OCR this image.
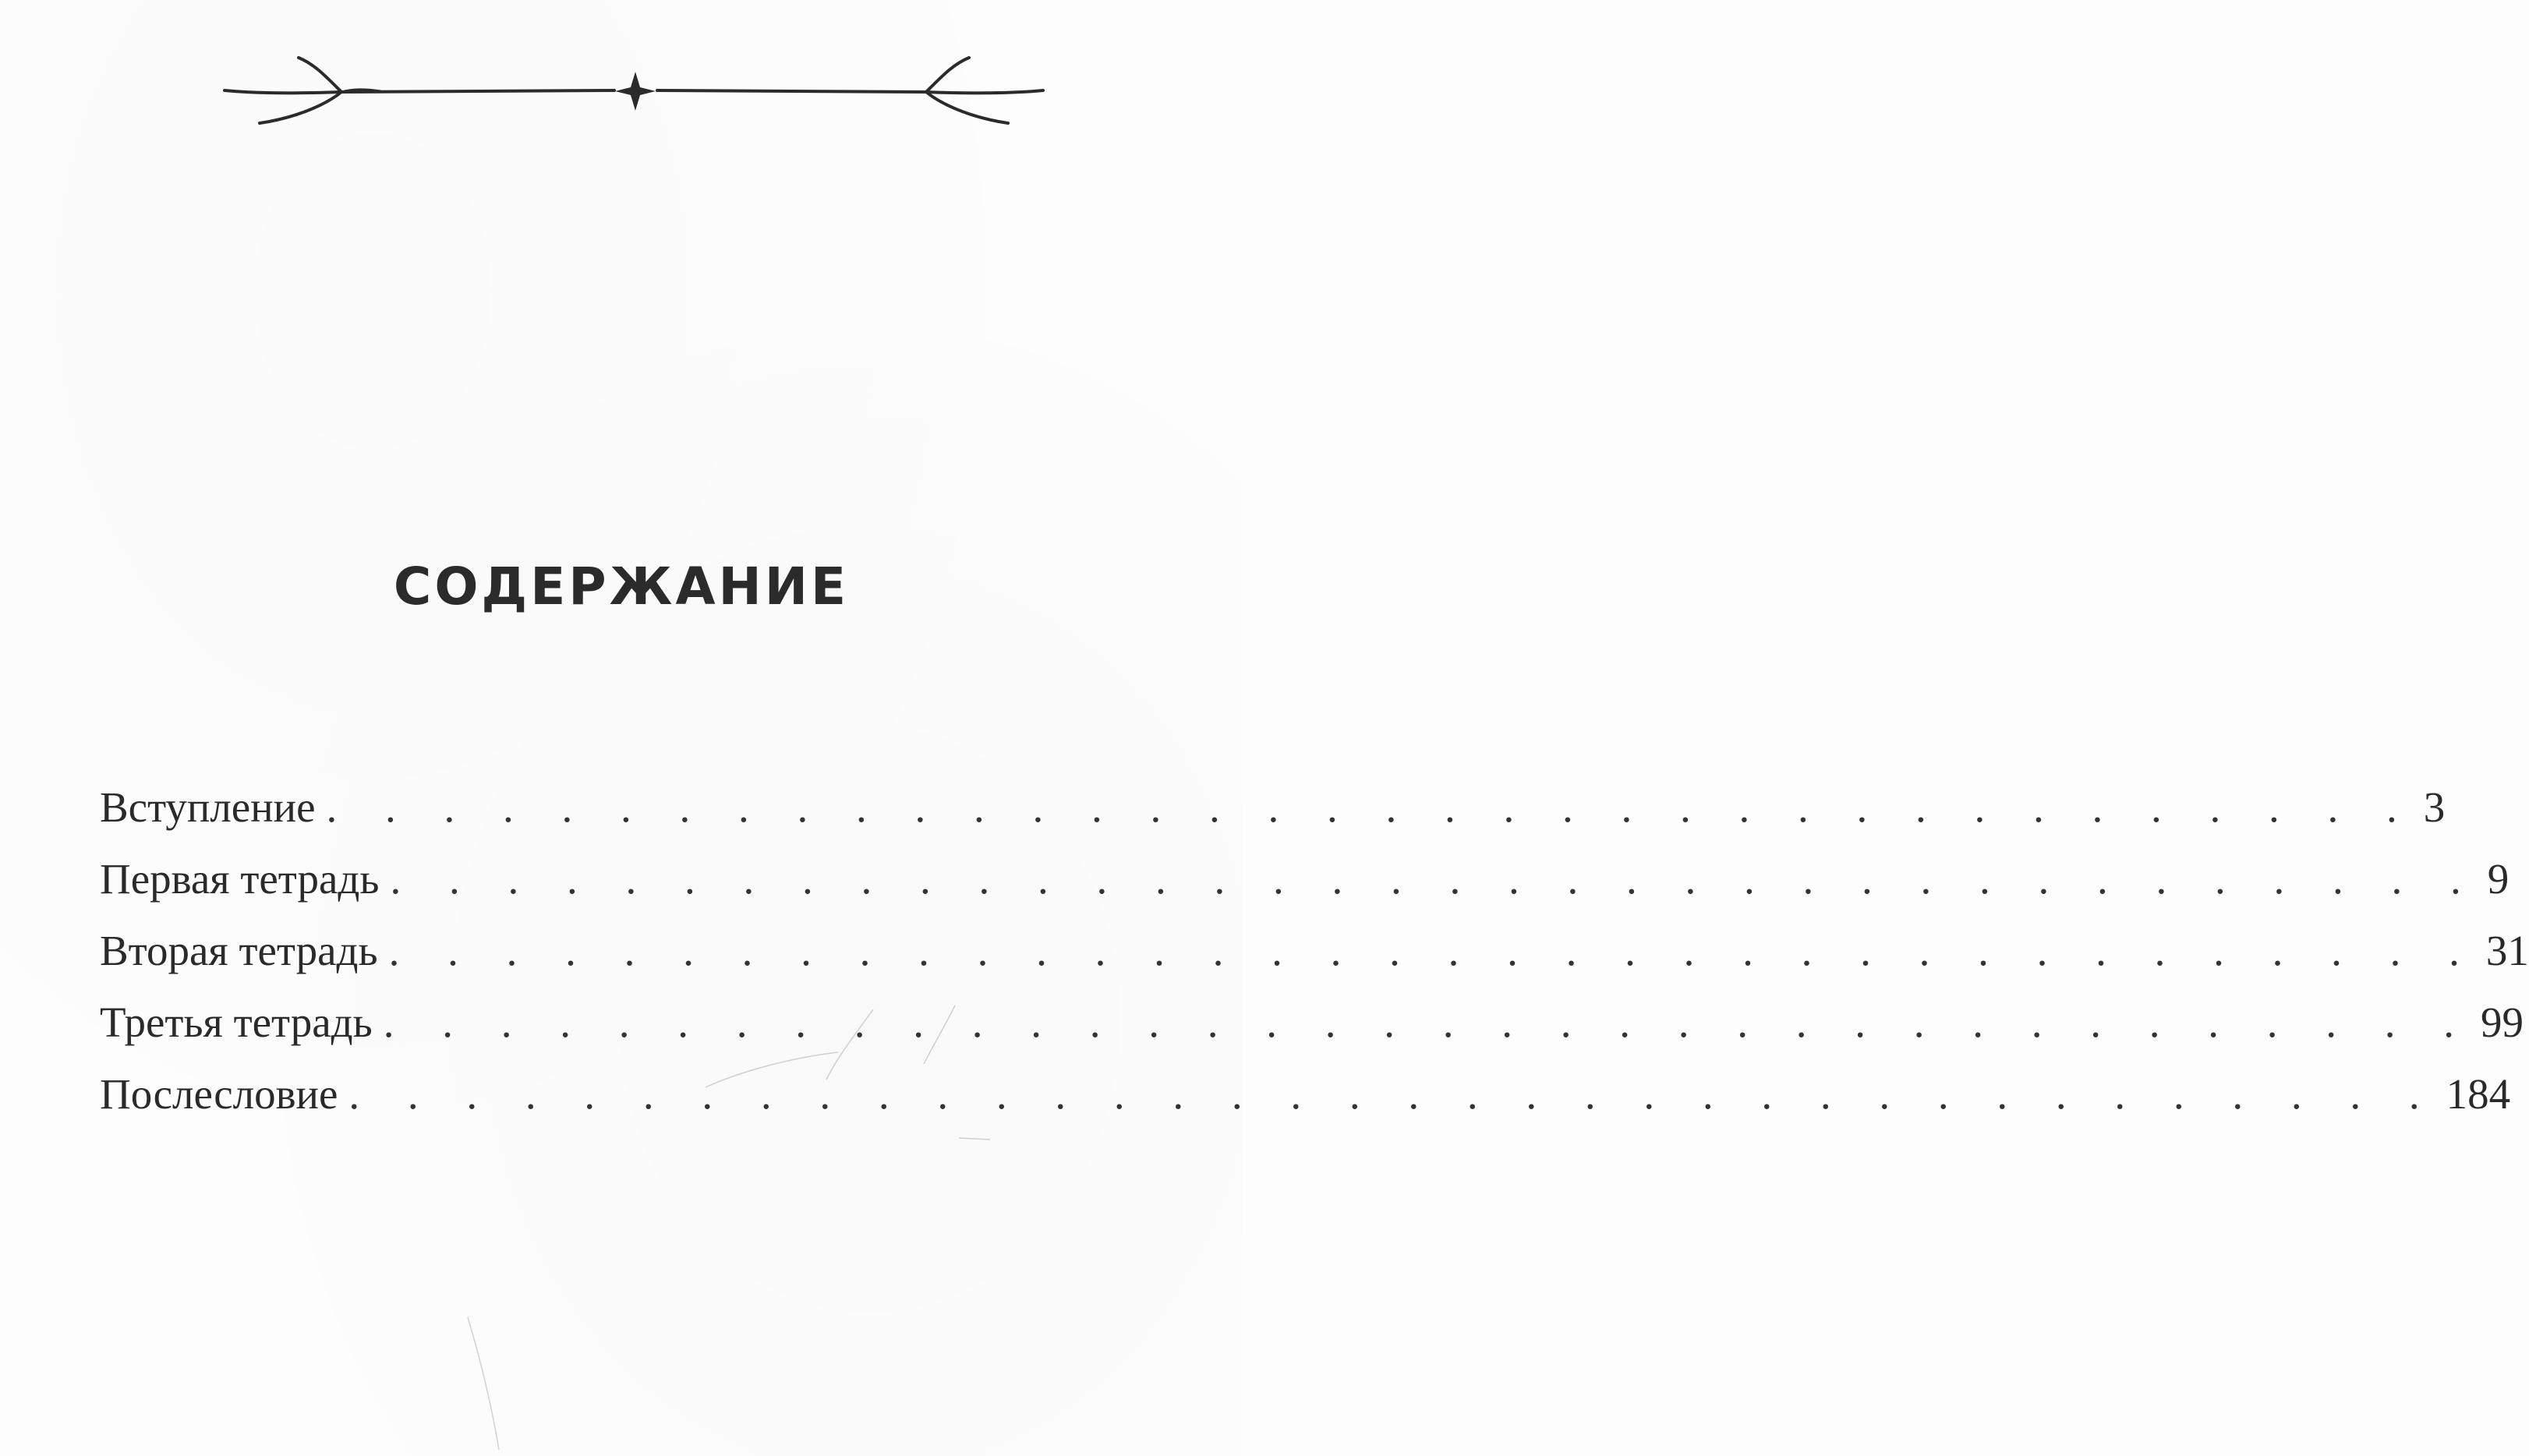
СОДЕРЖАНИЕ
Вступление . . . . . . . . . . . . . . . . . . . . . . . . . . . . . . . . . . . . 3
Первая тетрадь . . . . . . . . . . . . . . . . . . . . . . . . . . . . . . . . . . . . 9
Вторая тетрадь . . . . . . . . . . . . . . . . . . . . . . . . . . . . . . . . . . . . 31
Третья тетрадь . . . . . . . . . . . . . . . . . . . . . . . . . . . . . . . . . . . . 99
Послесловие . . . . . . . . . . . . . . . . . . . . . . . . . . . . . . . . . . . . 184
